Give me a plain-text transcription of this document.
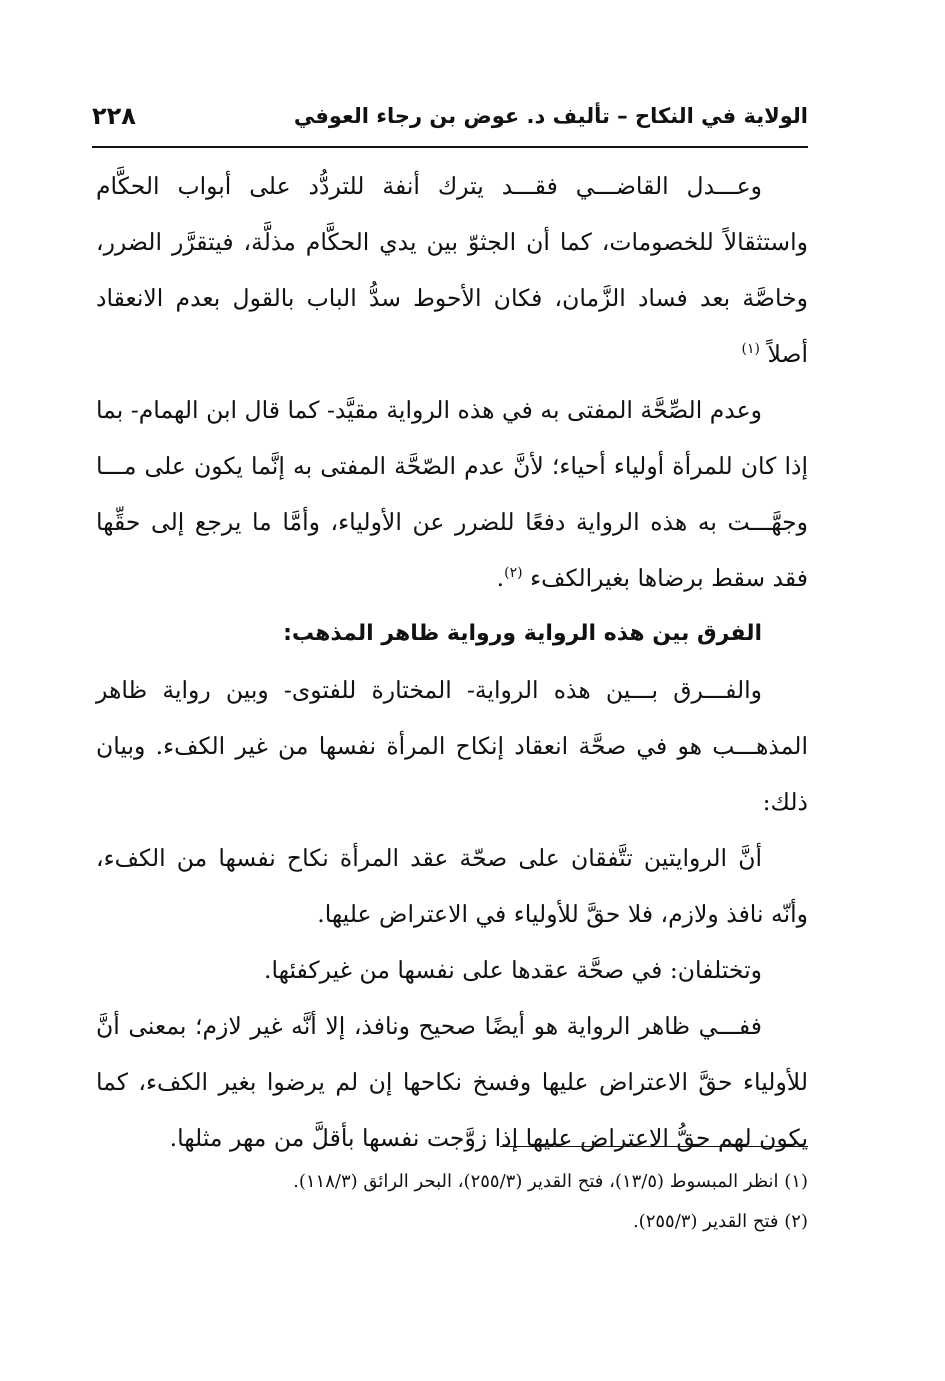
الولاية في النكاح – تأليف د. عوض بن رجاء العوفي
٢٢٨

وعـــدل القاضـــي فقـــد يترك أنفة للتردُّد على أبواب الحكَّام واستثقالاً للخصومات، كما أن الجثوّ بين يدي الحكَّام مذلَّة، فيتقرَّر الضرر، وخاصَّة بعد فساد الزَّمان، فكان الأحوط سدُّ الباب بالقول بعدم الانعقاد أصلاً $^{(١)}$

وعدم الصِّحَّة المفتى به في هذه الرواية مقيَّد- كما قال ابن الهمام- بما إذا كان للمرأة أولياء أحياء؛ لأنَّ عدم الصّحَّة المفتى به إنَّما يكون على مـــا وجهَّـــت به هذه الرواية دفعًا للضرر عن الأولياء، وأمَّا ما يرجع إلى حقِّها فقد سقط برضاها بغيرالكفء $^{(٢)}$.

الفرق بين هذه الرواية ورواية ظاهر المذهب:

والفـــرق بـــين هذه الرواية- المختارة للفتوى- وبين رواية ظاهر المذهـــب هو في صحَّة انعقاد إنكاح المرأة نفسها من غير الكفء. وبيان ذلك:

أنَّ الروايتين تتَّفقان على صحّة عقد المرأة نكاح نفسها من الكفء، وأنّه نافذ ولازم، فلا حقَّ للأولياء في الاعتراض عليها.

وتختلفان: في صحَّة عقدها على نفسها من غيركفئها.

ففـــي ظاهر الرواية هو أيضًا صحيح ونافذ، إلا أنَّه غير لازم؛ بمعنى أنَّ للأولياء حقَّ الاعتراض عليها وفسخ نكاحها إن لم يرضوا بغير الكفء، كما يكون لهم حقُّ الاعتراض عليها إذا زوَّجت نفسها بأقلَّ من مهر مثلها.

(١) انظر المبسوط (١٣/٥)، فتح القدير (٢٥٥/٣)، البحر الرائق (١١٨/٣).

(٢) فتح القدير (٢٥٥/٣).
